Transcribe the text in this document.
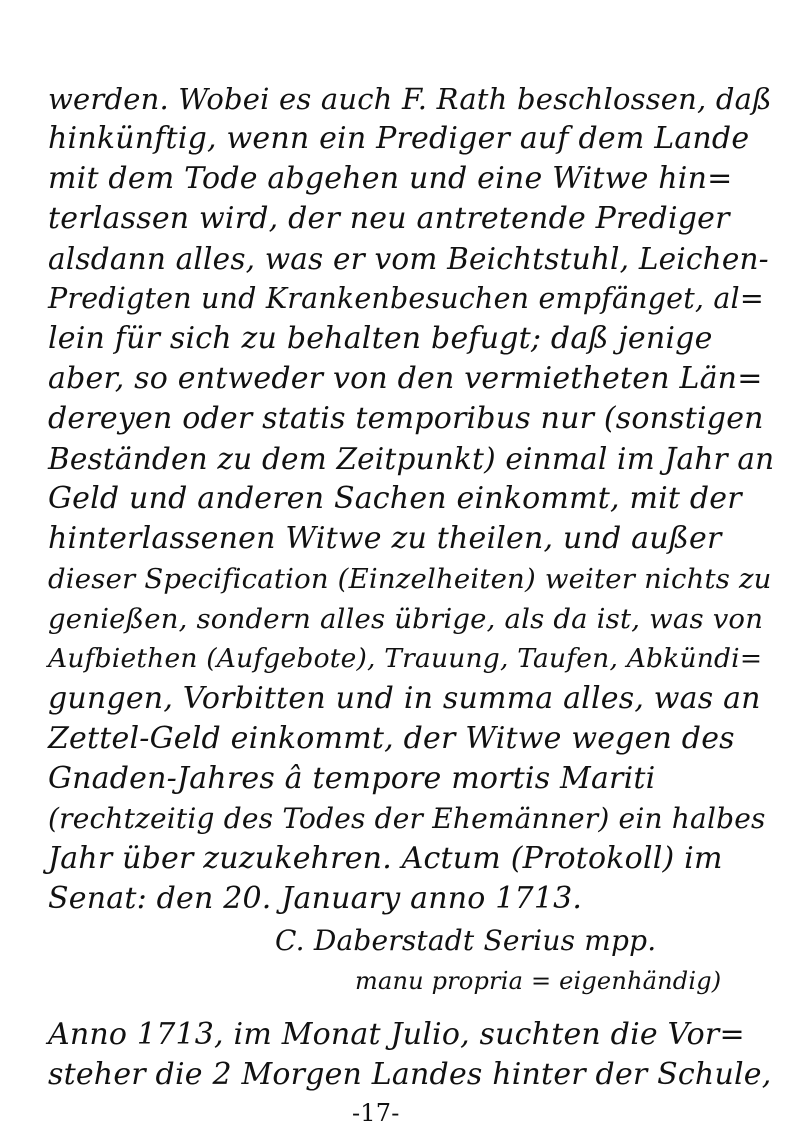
werden. Wobei es auch F. Rath beschlossen, daß
hinkünftig, wenn ein Prediger auf dem Lande
mit dem Tode abgehen und eine Witwe hin=
terlassen wird, der neu antretende Prediger
alsdann alles, was er vom Beichtstuhl, Leichen-
Predigten und Krankenbesuchen empfänget, al=
lein für sich zu behalten befugt; daß jenige
aber, so entweder von den vermietheten Län=
dereyen oder statis temporibus nur (sonstigen
Beständen zu dem Zeitpunkt) einmal im Jahr an
Geld und anderen Sachen einkommt, mit der
hinterlassenen Witwe zu theilen, und außer
dieser Specification (Einzelheiten) weiter nichts zu
genießen, sondern alles übrige, als da ist, was von
Aufbiethen (Aufgebote), Trauung, Taufen, Abkündi=
gungen, Vorbitten und in summa alles, was an
Zettel-Geld einkommt, der Witwe wegen des
Gnaden-Jahres â tempore mortis Mariti
(rechtzeitig des Todes der Ehemänner) ein halbes
Jahr über zuzukehren. Actum (Protokoll) im
Senat: den 20. January anno 1713.
C. Daberstadt Serius mpp.
manu propria = eigenhändig)
Anno 1713, im Monat Julio, suchten die Vor=
steher die 2 Morgen Landes hinter der Schule,
-17-
